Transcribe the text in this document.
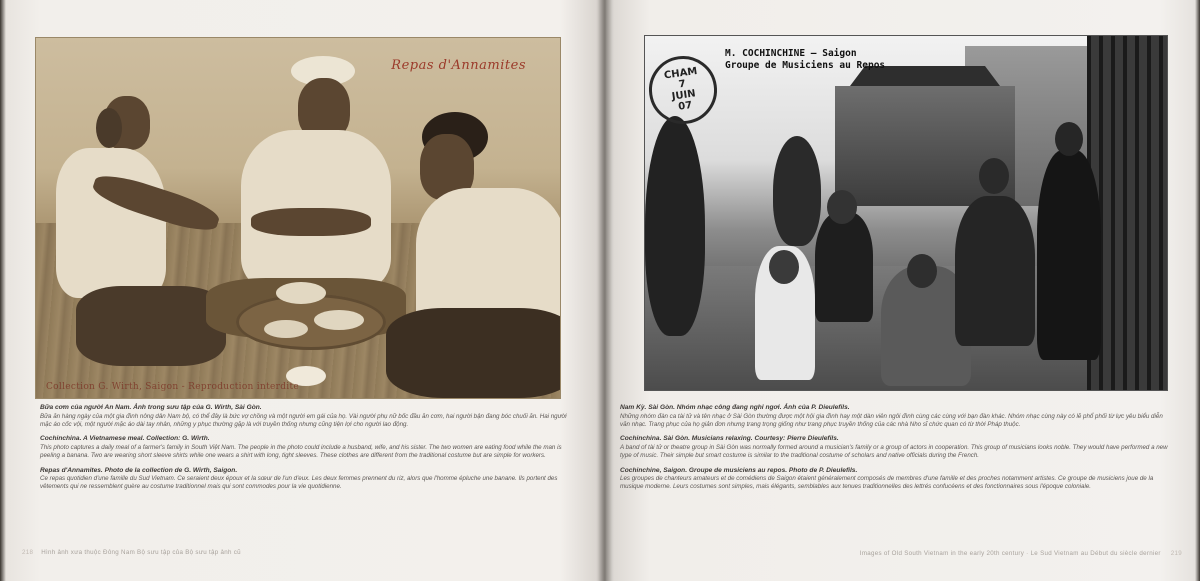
Repas d'Annamites
Collection G. Wirth, Saigon - Reproduction interdite
CHAM
7
JUIN
07
M. COCHINCHINE — Saigon
Groupe de Musiciens au Repos

Bữa cơm của người An Nam. Ảnh trong sưu tập của G. Wirth, Sài Gòn.
Bữa ăn hàng ngày của một gia đình nông dân Nam bộ, có thể đây là bức vợ chồng và một người em gái của họ. Vài người phụ nữ bốc đầu ăn cơm, hai người bận đang bóc chuối ăn. Hai người mặc áo cốc vội, một người mặc áo dài tay nhân, những y phục thường gặp là với truyền thống nhưng cũng tiện lợi cho người lao động.

Cochinchina. A Vietnamese meal. Collection: G. Wirth.
This photo captures a daily meal of a farmer's family in South Việt Nam. The people in the photo could include a husband, wife, and his sister. The two women are eating food while the man is peeling a banana. Two are wearing short sleeve shirts while one wears a shirt with long, tight sleeves. These clothes are different from the traditional costume but are simple for workers.

Repas d'Annamites. Photo de la collection de G. Wirth, Saigon.
Ce repas quotidien d'une famille du Sud Vietnam. Ce seraient deux époux et la sœur de l'un d'eux. Les deux femmes prennent du riz, alors que l'homme épluche une banane. Ils portent des vêtements qui ne ressemblent guère au costume traditionnel mais qui sont commodes pour la vie quotidienne.

Nam Kỳ. Sài Gòn. Nhóm nhạc công đang nghỉ ngơi. Ảnh của P. Dieulefils.
Những nhóm đàn ca tài tử và tên nhạc ở Sài Gòn thường được một hội gia đình hay một dàn viên ngôi đình cùng các cùng với bạn đàn khác. Nhóm nhạc cùng này có lẽ phổ phối từ lực yêu biểu diễn văn nhạc. Trang phục của họ giản đơn nhưng trang trọng giống như trang phục truyền thống của các nhà Nho sĩ chức quan có từ thời Pháp thuộc.

Cochinchina. Sài Gòn. Musicians relaxing. Courtesy: Pierre Dieulefils.
A band of tài tử or theatre group in Sài Gòn was normally formed around a musician's family or a group of actors in cooperation. This group of musicians looks noble. They would have performed a new type of music. Their simple but smart costume is similar to the traditional costume of scholars and native officials during the French.

Cochinchine, Saigon. Groupe de musiciens au repos. Photo de P. Dieulefils.
Les groupes de chanteurs amateurs et de comédiens de Saigon étaient généralement composés de membres d'une famille et des proches notamment artistes. Ce groupe de musiciens joue de la musique moderne. Leurs costumes sont simples, mais élégants, semblables aux tenues traditionnelles des lettrés confucéens et des fonctionnaires sous l'époque coloniale.

218 Hình ảnh xưa thuộc Đông Nam Bộ sưu tập của Bộ sưu tập ảnh cũ	Images of Old South Vietnam in the early 20th century · Le Sud Vietnam au Début du siècle dernier 219
